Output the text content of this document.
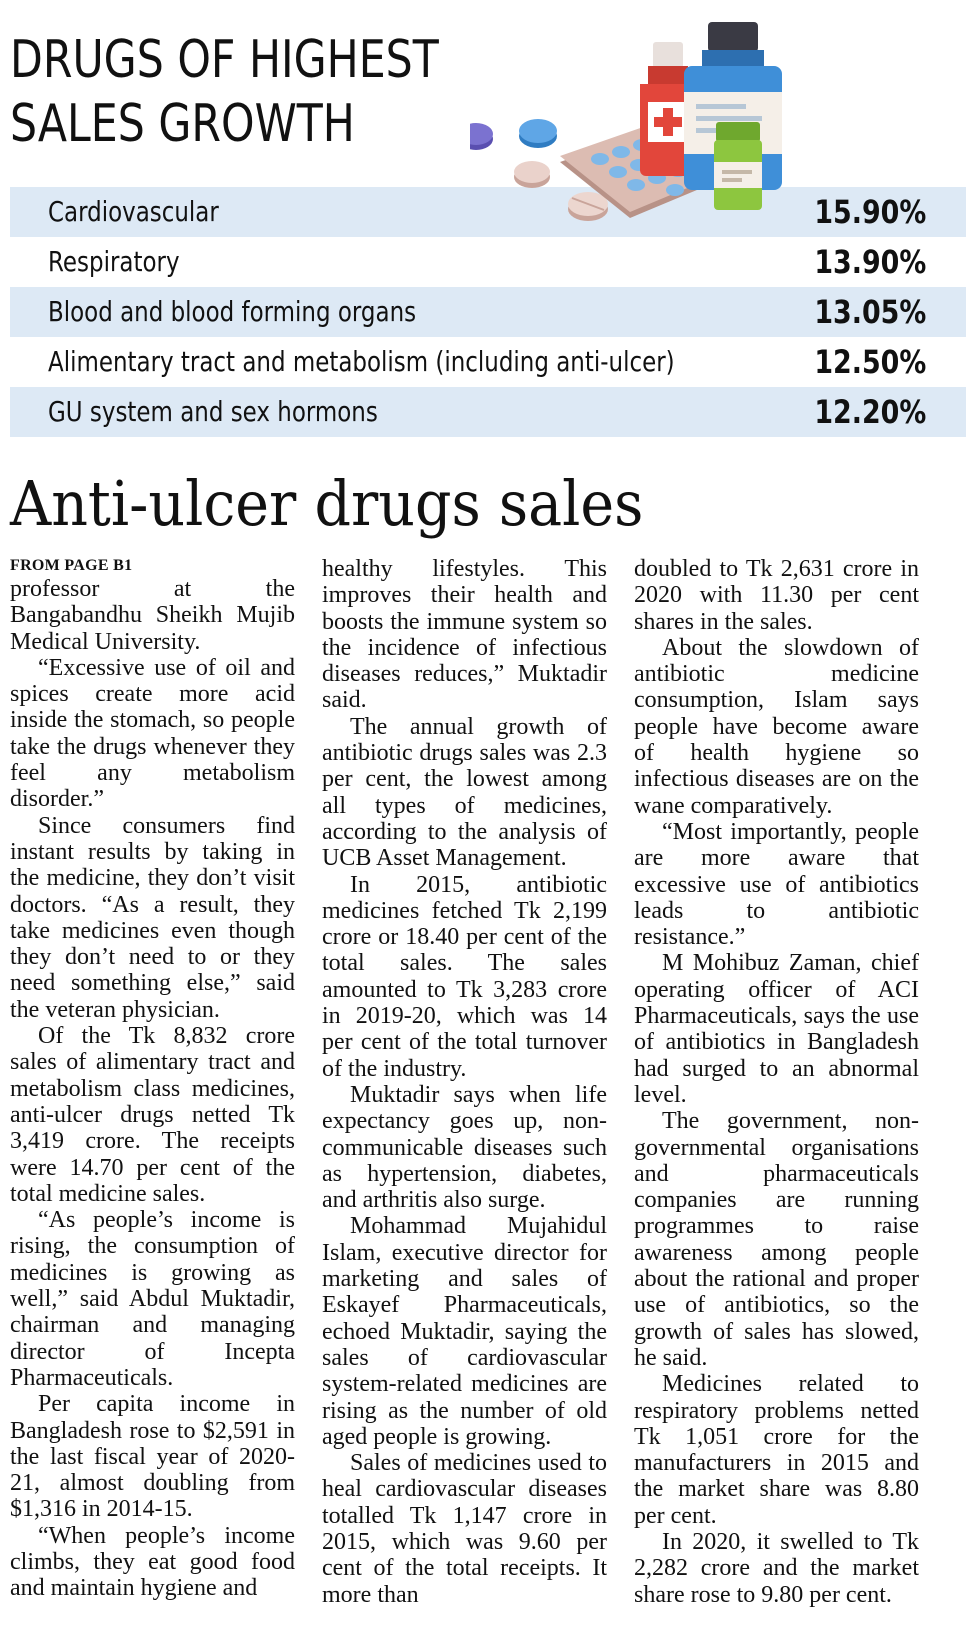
DRUGS OF HIGHEST
SALES GROWTH
Cardiovascular	15.90%
Respiratory	13.90%
Blood and blood forming organs	13.05%
Alimentary tract and metabolism (including anti-ulcer)	12.50%
GU system and sex hormons	12.20%
Anti-ulcer drugs sales
FROM PAGE B1

professor at the Bangabandhu Sheikh Mujib Medical University.

“Excessive use of oil and spices create more acid inside the stomach, so people take the drugs whenever they feel any metabolism disorder.”

Since consumers find instant results by taking in the medicine, they don’t visit doctors. “As a result, they take medicines even though they don’t need to or they need something else,” said the veteran physician.

Of the Tk 8,832 crore sales of alimentary tract and metabolism class medicines, anti-ulcer drugs netted Tk 3,419 crore. The receipts were 14.70 per cent of the total medicine sales.

“As people’s income is rising, the consumption of medicines is growing as well,” said Abdul Muktadir, chairman and managing director of Incepta Pharmaceuticals.

Per capita income in Bangladesh rose to $2,591 in the last fiscal year of 2020-21, almost doubling from $1,316 in 2014-15.

“When people’s income climbs, they eat good food and maintain hygiene and

healthy lifestyles. This improves their health and boosts the immune system so the incidence of infectious diseases reduces,” Muktadir said.

The annual growth of antibiotic drugs sales was 2.3 per cent, the lowest among all types of medicines, according to the analysis of UCB Asset Management.

In 2015, antibiotic medicines fetched Tk 2,199 crore or 18.40 per cent of the total sales. The sales amounted to Tk 3,283 crore in 2019-20, which was 14 per cent of the total turnover of the industry.

Muktadir says when life expectancy goes up, non-communicable diseases such as hypertension, diabetes, and arthritis also surge.

Mohammad Mujahidul Islam, executive director for marketing and sales of Eskayef Pharmaceuticals, echoed Muktadir, saying the sales of cardiovascular system-related medicines are rising as the number of old aged people is growing.

Sales of medicines used to heal cardiovascular diseases totalled Tk 1,147 crore in 2015, which was 9.60 per cent of the total receipts. It more than

doubled to Tk 2,631 crore in 2020 with 11.30 per cent shares in the sales.

About the slowdown of antibiotic medicine consumption, Islam says people have become aware of health hygiene so infectious diseases are on the wane comparatively.

“Most importantly, people are more aware that excessive use of antibiotics leads to antibiotic resistance.”

M Mohibuz Zaman, chief operating officer of ACI Pharmaceuticals, says the use of antibiotics in Bangladesh had surged to an abnormal level.

The government, non-governmental organisations and pharmaceuticals companies are running programmes to raise awareness among people about the rational and proper use of antibiotics, so the growth of sales has slowed, he said.

Medicines related to respiratory problems netted Tk 1,051 crore for the manufacturers in 2015 and the market share was 8.80 per cent.

In 2020, it swelled to Tk 2,282 crore and the market share rose to 9.80 per cent.
